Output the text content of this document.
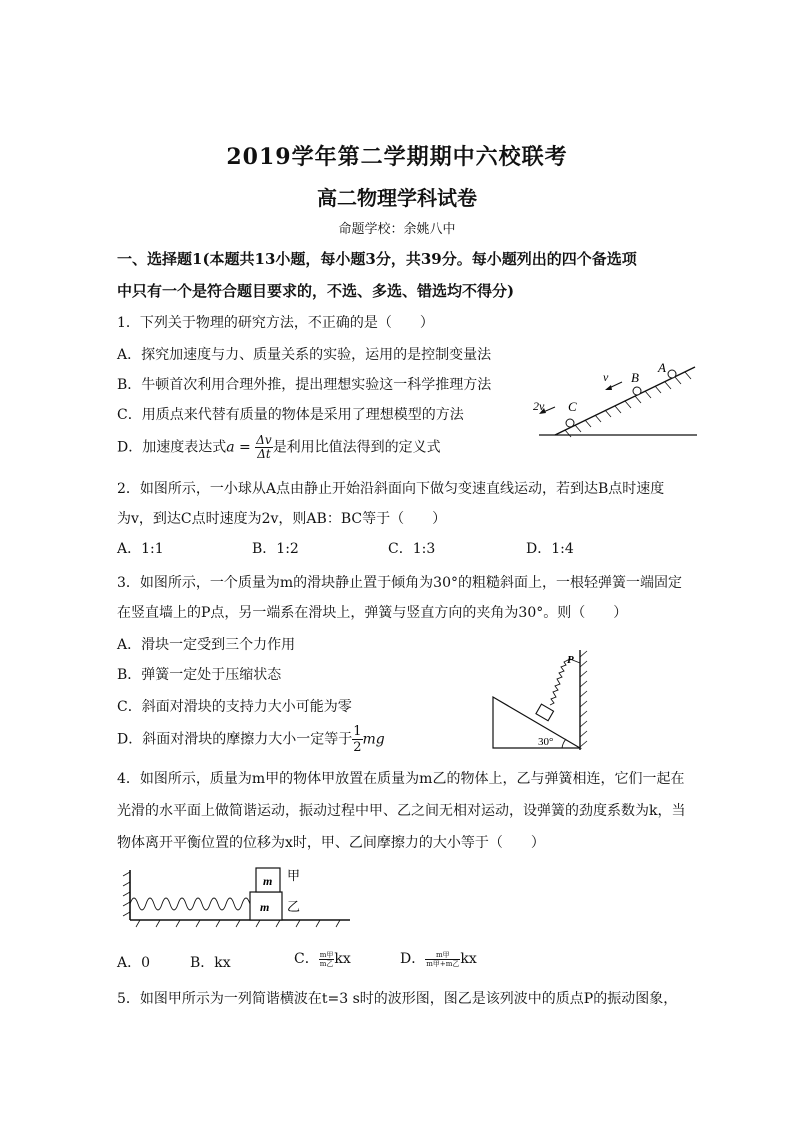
2019学年第二学期期中六校联考
高二物理学科试卷
命题学校：余姚八中
一、选择题1(本题共13小题，每小题3分，共39分。每小题列出的四个备选项
中只有一个是符合题目要求的，不选、多选、错选均不得分)
1．下列关于物理的研究方法，不正确的是（　　）
A．探究加速度与力、质量关系的实验，运用的是控制变量法
B．牛顿首次利用合理外推，提出理想实验这一科学推理方法
C．用质点来代替有质量的物体是采用了理想模型的方法
D．加速度表达式$a = \frac{\Delta v}{\Delta t}$ 是利用比值法得到的定义式
A
B
C
v
2v
2．如图所示，一小球从A点由静止开始沿斜面向下做匀变速直线运动，若到达B点时速度
为v，到达C点时速度为2v，则AB：BC等于（　　）
A．1:1	B．1:2	C．1:3	D．1:4
3．如图所示，一个质量为m的滑块静止置于倾角为30°的粗糙斜面上，一根轻弹簧一端固定
在竖直墙上的P点，另一端系在滑块上，弹簧与竖直方向的夹角为30°。则（　　）
A．滑块一定受到三个力作用
B．弹簧一定处于压缩状态
C．斜面对滑块的支持力大小可能为零
D．斜面对滑块的摩擦力大小一定等于 $\frac{1}{2}$ mg
P
30°
4．如图所示，质量为m甲的物体甲放置在质量为m乙的物体上，乙与弹簧相连，它们一起在
光滑的水平面上做简谐运动，振动过程中甲、乙之间无相对运动，设弹簧的劲度系数为k，当
物体离开平衡位置的位移为x时，甲、乙间摩擦力的大小等于（　　）
m
m
甲
乙
A．0	B．kx	C． $\frac{\text{m甲}}{\text{m乙}}$ kx	D． $\frac{\text{m甲}}{\text{m甲+m乙}}$ kx
5．如图甲所示为一列简谐横波在t=3 s时的波形图，图乙是该列波中的质点P的振动图象，
